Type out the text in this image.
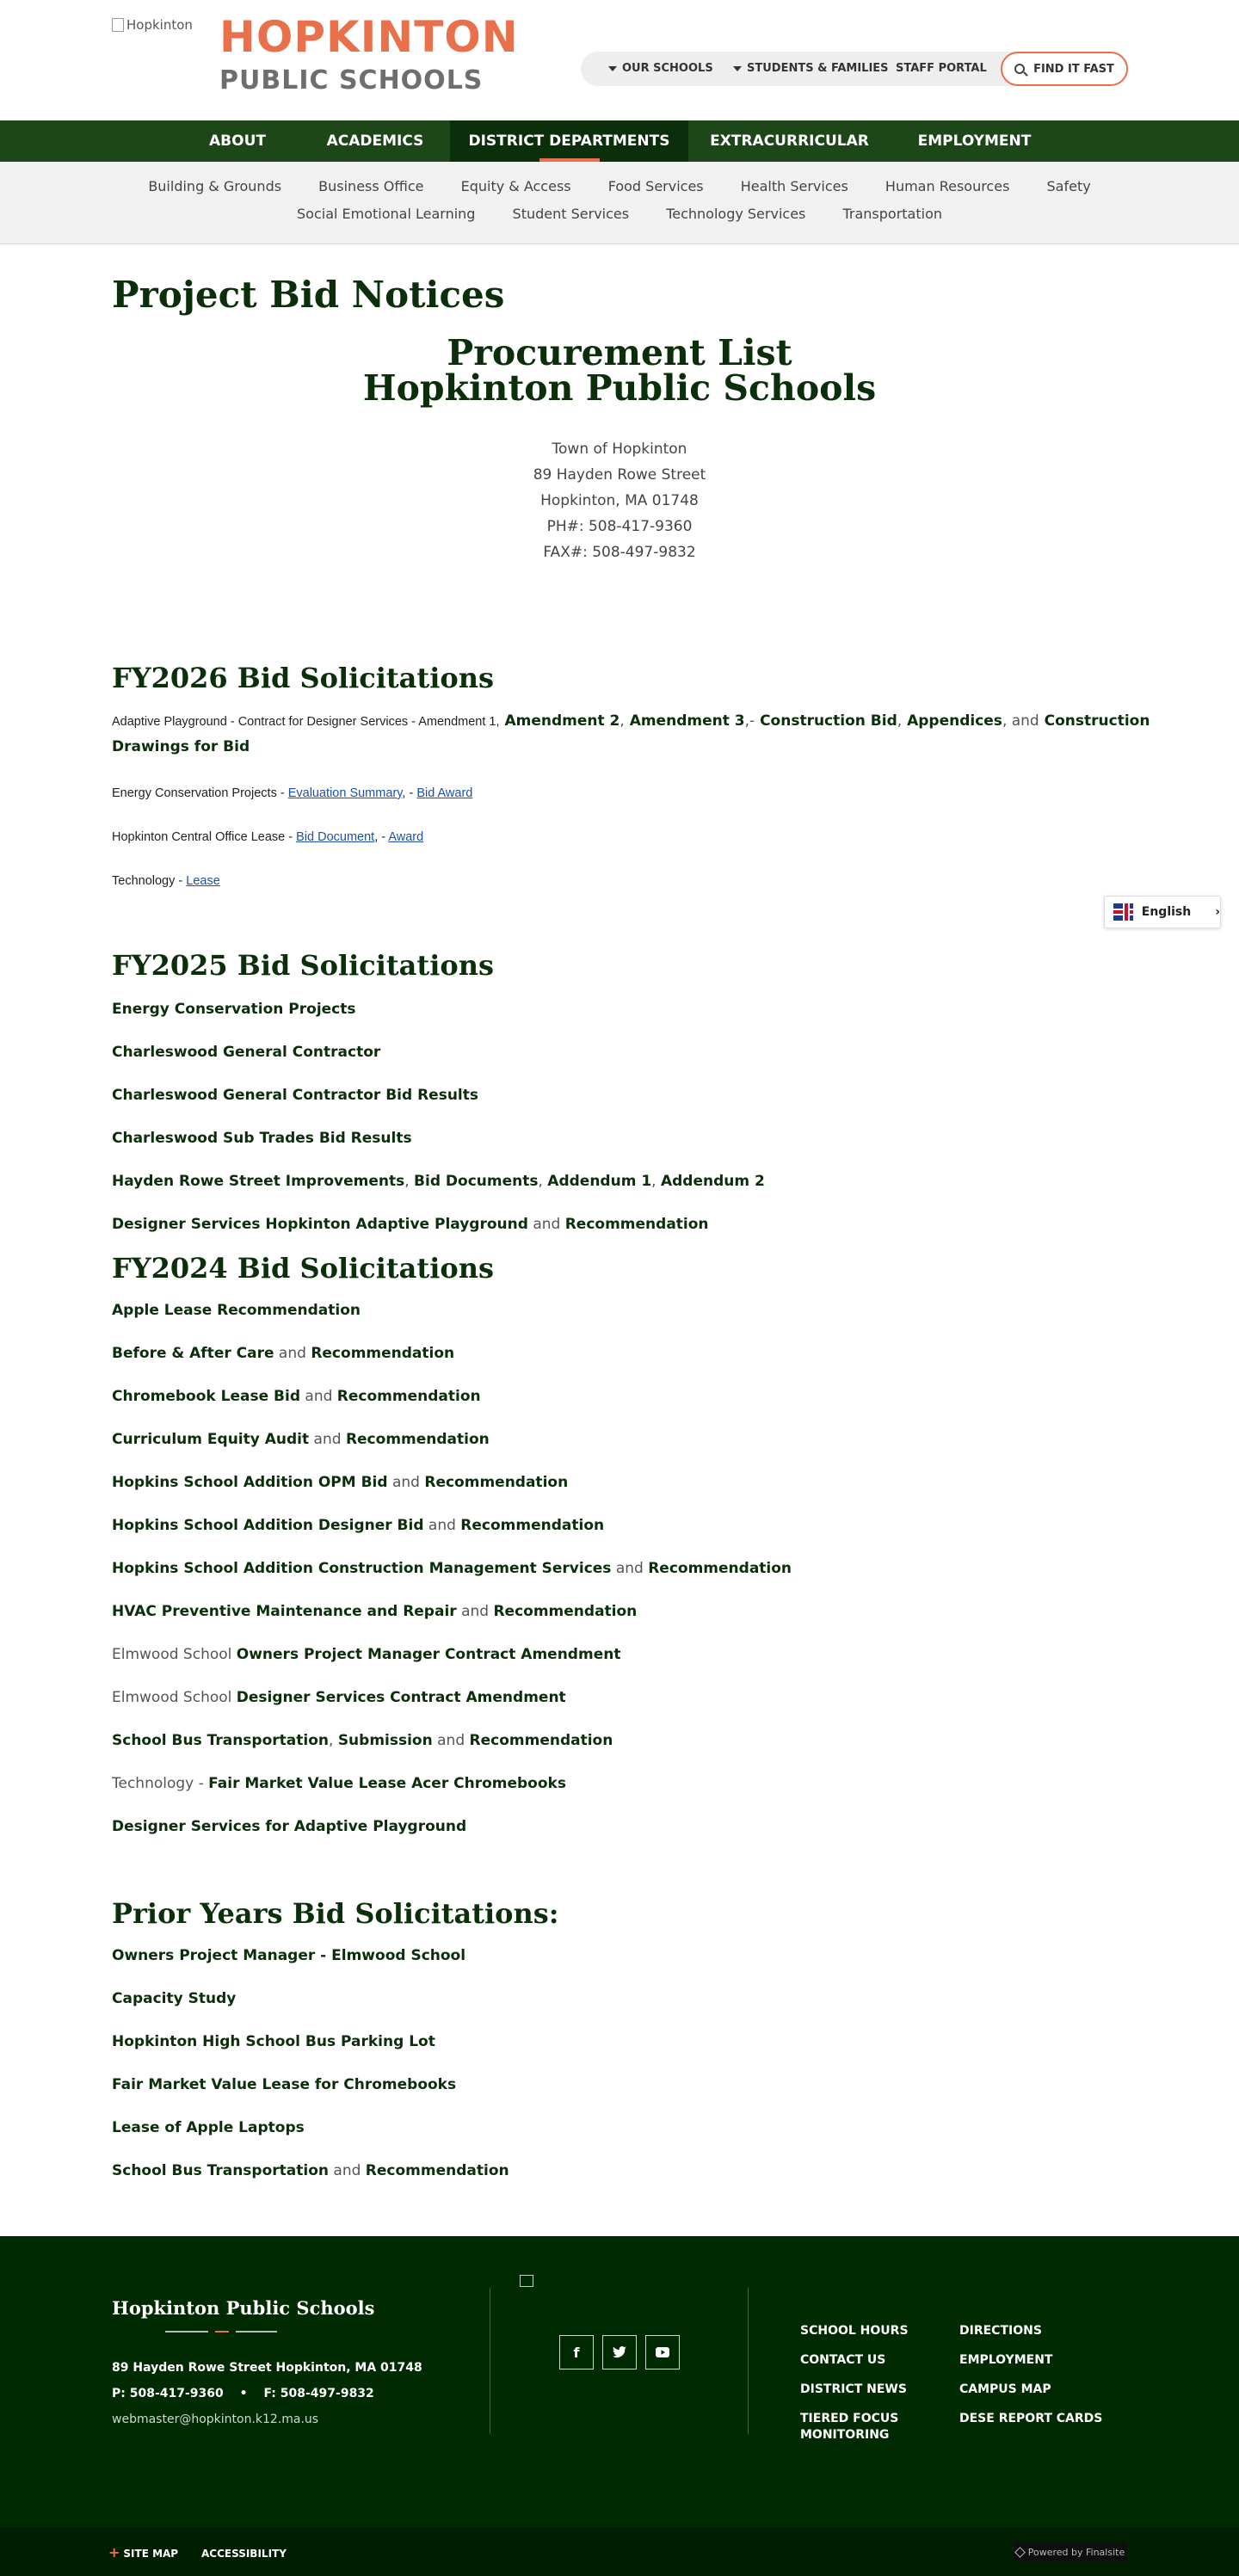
Hopkinton HOPKINTON
PUBLIC SCHOOLS	OUR SCHOOLS	STUDENTS & FAMILIES STAFF PORTAL	FIND IT FAST
ABOUT	ACADEMICS	DISTRICT DEPARTMENTS	EXTRACURRICULAR	EMPLOYMENT
Building & Grounds	Business Office	Equity & Access	Food Services	Health Services	Human Resources	Safety
Social Emotional Learning	Student Services	Technology Services	Transportation
Project Bid Notices
Procurement List
Hopkinton Public Schools
Town of Hopkinton
89 Hayden Rowe Street
Hopkinton, MA 01748
PH#: 508-417-9360
FAX#: 508-497-9832
FY2026 Bid Solicitations
Adaptive Playground - Contract for Designer Services - Amendment 1, Amendment 2, Amendment 3,- Construction Bid, Appendices, and Construction
Drawings for Bid
Energy Conservation Projects - Evaluation Summary, - Bid Award
Hopkinton Central Office Lease - Bid Document, - Award
Technology - Lease
English ›
FY2025 Bid Solicitations
Energy Conservation Projects
Charleswood General Contractor
Charleswood General Contractor Bid Results
Charleswood Sub Trades Bid Results
Hayden Rowe Street Improvements, Bid Documents, Addendum 1, Addendum 2
Designer Services Hopkinton Adaptive Playground and Recommendation
FY2024 Bid Solicitations
Apple Lease Recommendation
Before & After Care and Recommendation
Chromebook Lease Bid and Recommendation
Curriculum Equity Audit and Recommendation
Hopkins School Addition OPM Bid and Recommendation
Hopkins School Addition Designer Bid and Recommendation
Hopkins School Addition Construction Management Services and Recommendation
HVAC Preventive Maintenance and Repair and Recommendation
Elmwood School Owners Project Manager Contract Amendment
Elmwood School Designer Services Contract Amendment
School Bus Transportation, Submission and Recommendation
Technology - Fair Market Value Lease Acer Chromebooks
Designer Services for Adaptive Playground
Prior Years Bid Solicitations:
Owners Project Manager - Elmwood School
Capacity Study
Hopkinton High School Bus Parking Lot
Fair Market Value Lease for Chromebooks
Lease of Apple Laptops
School Bus Transportation and Recommendation
Hopkinton Public Schools
89 Hayden Rowe Street Hopkinton, MA 01748
P: 508-417-9360 • F: 508-497-9832
webmaster@hopkinton.k12.ma.us
f
SCHOOL HOURS
CONTACT US
DISTRICT NEWS
TIERED FOCUS MONITORING
DIRECTIONS
EMPLOYMENT
CAMPUS MAP
DESE REPORT CARDS
+ SITE MAP ACCESSIBILITY	Powered by Finalsite
